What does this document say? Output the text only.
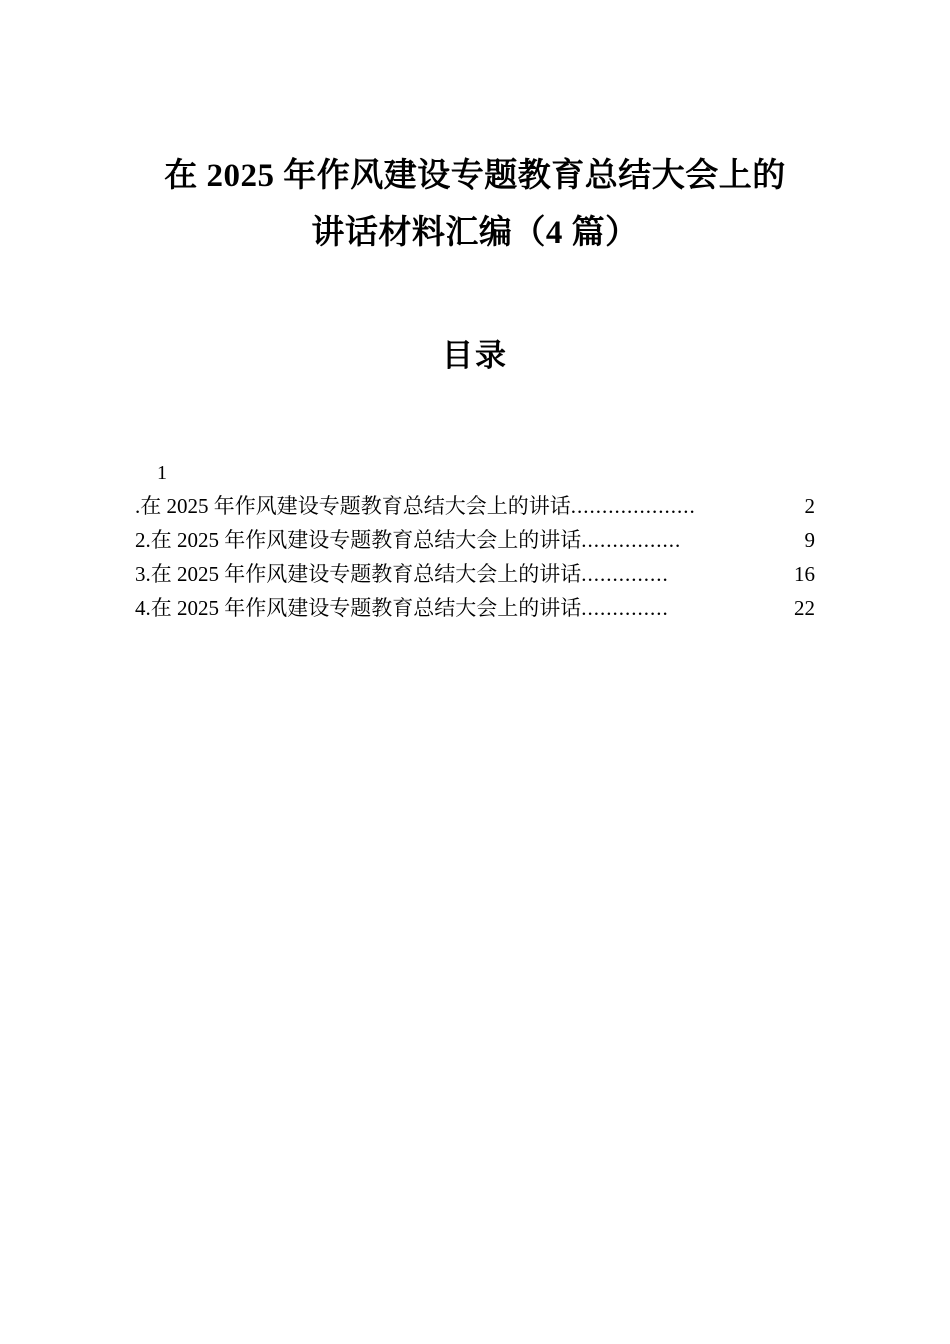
在 2025 年作风建设专题教育总结大会上的
讲话材料汇编（4 篇）
目录
1
.在 2025 年作风建设专题教育总结大会上的讲话 ....................	2
2.在 2025 年作风建设专题教育总结大会上的讲话 ................	9
3.在 2025 年作风建设专题教育总结大会上的讲话 ..............	16
4.在 2025 年作风建设专题教育总结大会上的讲话 ..............	22
